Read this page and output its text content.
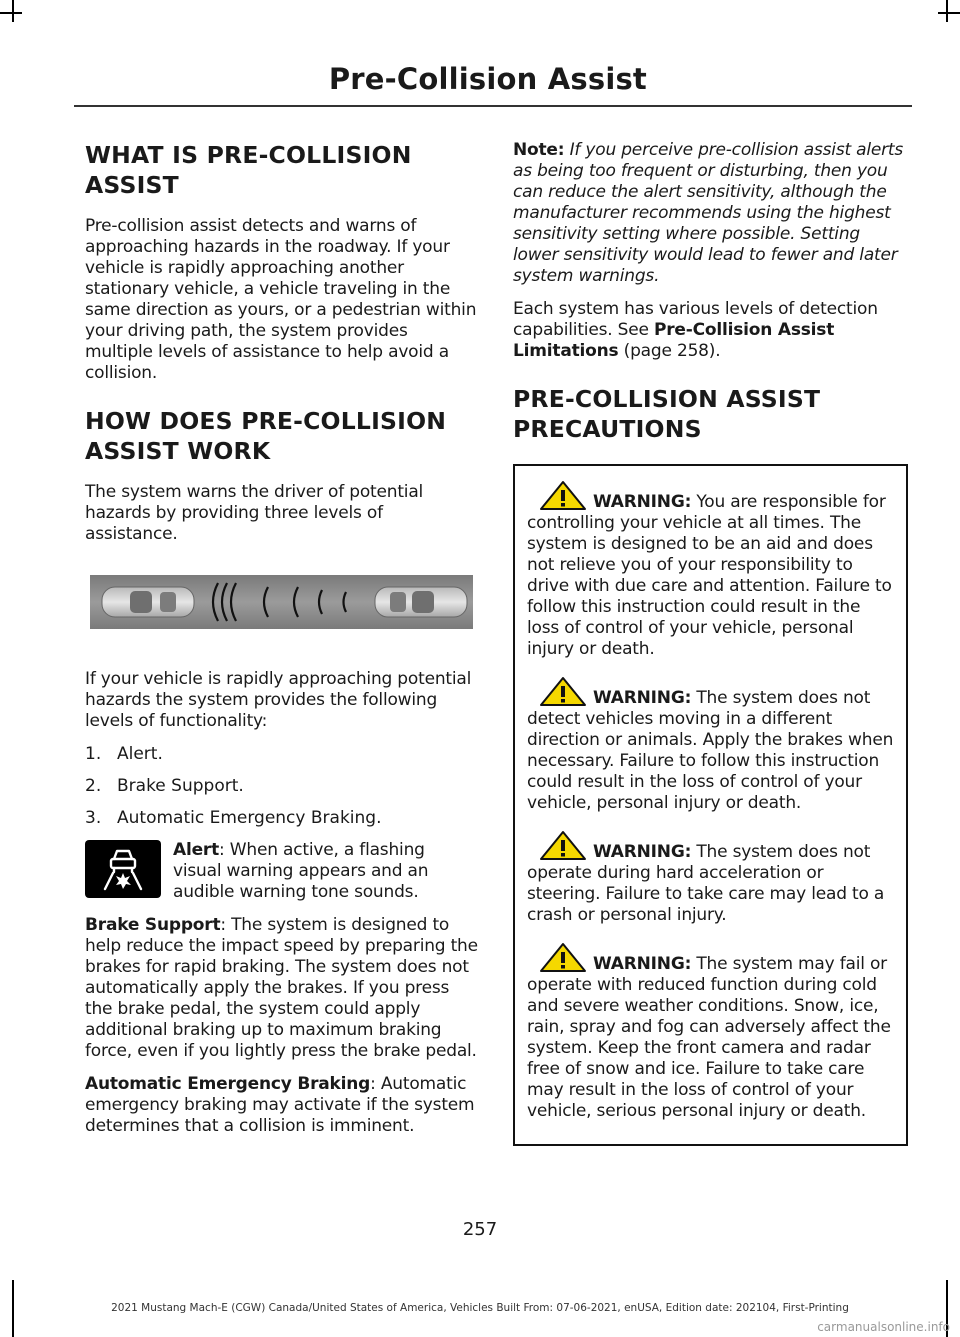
Pre-Collision Assist
WHAT IS PRE-COLLISION
ASSIST

Pre-collision assist detects and warns of approaching hazards in the roadway. If your vehicle is rapidly approaching another stationary vehicle, a vehicle traveling in the same direction as yours, or a pedestrian within your driving path, the system provides multiple levels of assistance to help avoid a collision.

HOW DOES PRE-COLLISION
ASSIST WORK

The system warns the driver of potential hazards by providing three levels of assistance.

If your vehicle is rapidly approaching potential hazards the system provides the following levels of functionality:

1. Alert.
2. Brake Support.
3. Automatic Emergency Braking.

Alert: When active, a flashing visual warning appears and an audible warning tone sounds.

Brake Support: The system is designed to help reduce the impact speed by preparing the brakes for rapid braking. The system does not automatically apply the brakes. If you press the brake pedal, the system could apply additional braking up to maximum braking force, even if you lightly press the brake pedal.

Automatic Emergency Braking: Automatic emergency braking may activate if the system determines that a collision is imminent.

Note: If you perceive pre-collision assist alerts as being too frequent or disturbing, then you can reduce the alert sensitivity, although the manufacturer recommends using the highest sensitivity setting where possible. Setting lower sensitivity would lead to fewer and later system warnings.

Each system has various levels of detection capabilities. See Pre-Collision Assist Limitations (page 258).

PRE-COLLISION ASSIST
PRECAUTIONS

WARNING: You are responsible for controlling your vehicle at all times. The system is designed to be an aid and does not relieve you of your responsibility to drive with due care and attention. Failure to follow this instruction could result in the loss of control of your vehicle, personal injury or death.

WARNING: The system does not detect vehicles moving in a different direction or animals. Apply the brakes when necessary. Failure to follow this instruction could result in the loss of control of your vehicle, personal injury or death.

WARNING: The system does not operate during hard acceleration or steering. Failure to take care may lead to a crash or personal injury.

WARNING: The system may fail or operate with reduced function during cold and severe weather conditions. Snow, ice, rain, spray and fog can adversely affect the system. Keep the front camera and radar free of snow and ice. Failure to take care may result in the loss of control of your vehicle, serious personal injury or death.

257
2021 Mustang Mach-E (CGW) Canada/United States of America, Vehicles Built From: 07-06-2021, enUSA, Edition date: 202104, First-Printing
carmanualsonline.info
